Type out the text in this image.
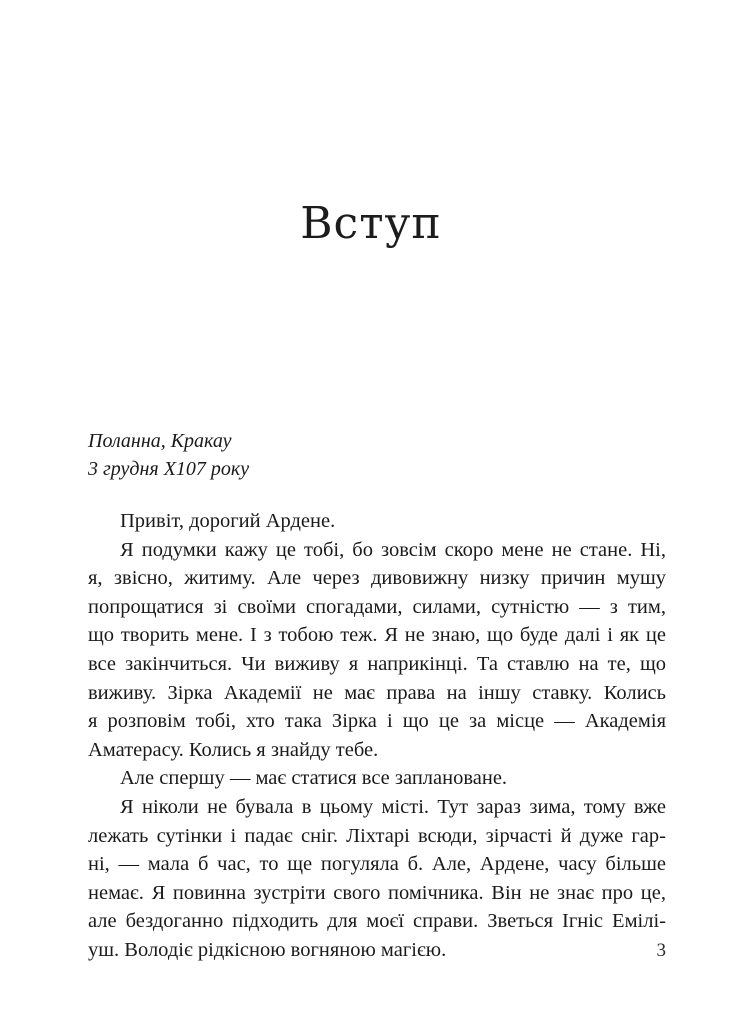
Вступ
Поланна, Кракау
3 грудня Х107 року
Привіт, дорогий Ардене.
Я подумки кажу це тобі, бо зовсім скоро мене не стане. Ні,
я, звісно, житиму. Але через дивовижну низку причин мушу
попрощатися зі своїми спогадами, силами, сутністю — з тим,
що творить мене. І з тобою теж. Я не знаю, що буде далі і як це
все закінчиться. Чи виживу я наприкінці. Та ставлю на те, що
виживу. Зірка Академії не має права на іншу ставку. Колись
я розповім тобі, хто така Зірка і що це за місце — Академія
Аматерасу. Колись я знайду тебе.
Але спершу — має статися все заплановане.
Я ніколи не бувала в цьому місті. Тут зараз зима, тому вже
лежать сутінки і падає сніг. Ліхтарі всюди, зірчасті й дуже гар-
ні, — мала б час, то ще погуляла б. Але, Ардене, часу більше
немає. Я повинна зустріти свого помічника. Він не знає про це,
але бездоганно підходить для моєї справи. Зветься Ігніс Емілі-
уш. Володіє рідкісною вогняною магією.	3
